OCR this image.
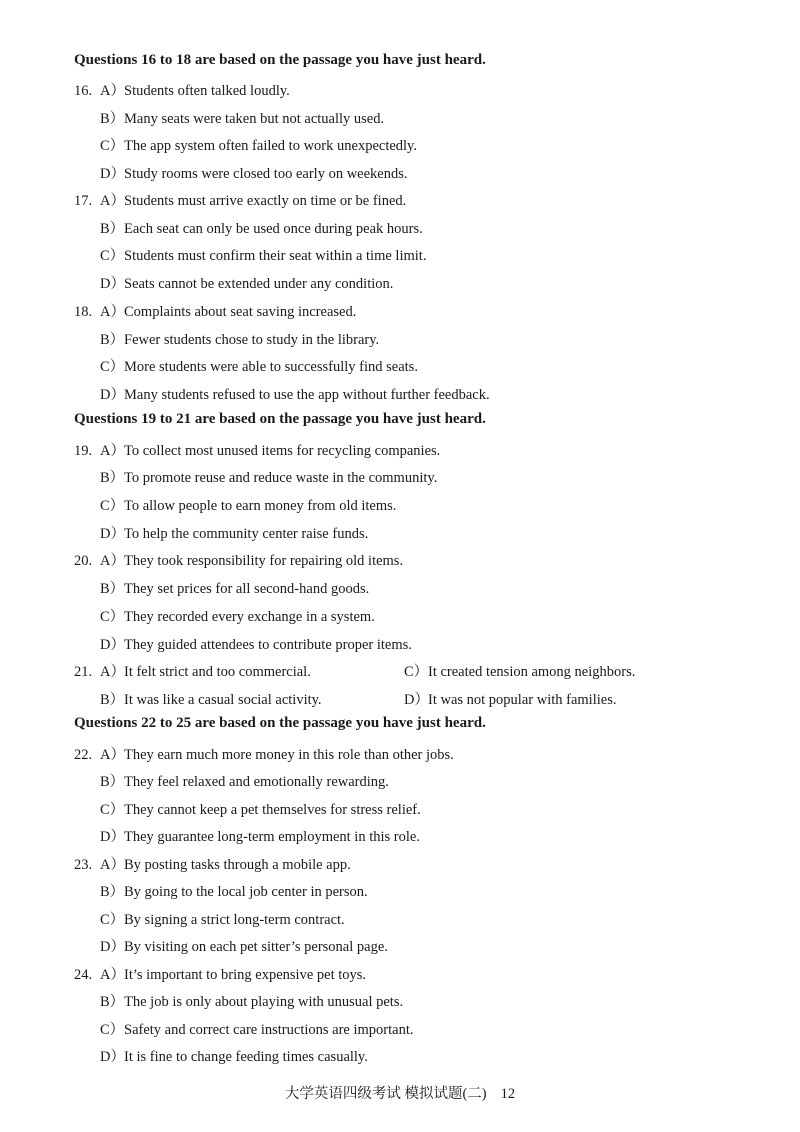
Questions 16 to 18 are based on the passage you have just heard.
16. A）Students often talked loudly.
B）Many seats were taken but not actually used.
C）The app system often failed to work unexpectedly.
D）Study rooms were closed too early on weekends.
17. A）Students must arrive exactly on time or be fined.
B）Each seat can only be used once during peak hours.
C）Students must confirm their seat within a time limit.
D）Seats cannot be extended under any condition.
18. A）Complaints about seat saving increased.
B）Fewer students chose to study in the library.
C）More students were able to successfully find seats.
D）Many students refused to use the app without further feedback.
Questions 19 to 21 are based on the passage you have just heard.
19. A）To collect most unused items for recycling companies.
B）To promote reuse and reduce waste in the community.
C）To allow people to earn money from old items.
D）To help the community center raise funds.
20. A）They took responsibility for repairing old items.
B）They set prices for all second-hand goods.
C）They recorded every exchange in a system.
D）They guided attendees to contribute proper items.
21. A）It felt strict and too commercial.	C）It created tension among neighbors.
B）It was like a casual social activity.	D）It was not popular with families.
Questions 22 to 25 are based on the passage you have just heard.
22. A）They earn much more money in this role than other jobs.
B）They feel relaxed and emotionally rewarding.
C）They cannot keep a pet themselves for stress relief.
D）They guarantee long-term employment in this role.
23. A）By posting tasks through a mobile app.
B）By going to the local job center in person.
C）By signing a strict long-term contract.
D）By visiting on each pet sitter’s personal page.
24. A）It’s important to bring expensive pet toys.
B）The job is only about playing with unusual pets.
C）Safety and correct care instructions are important.
D）It is fine to change feeding times casually.
大学英语四级考试 模拟试题(二) 12
